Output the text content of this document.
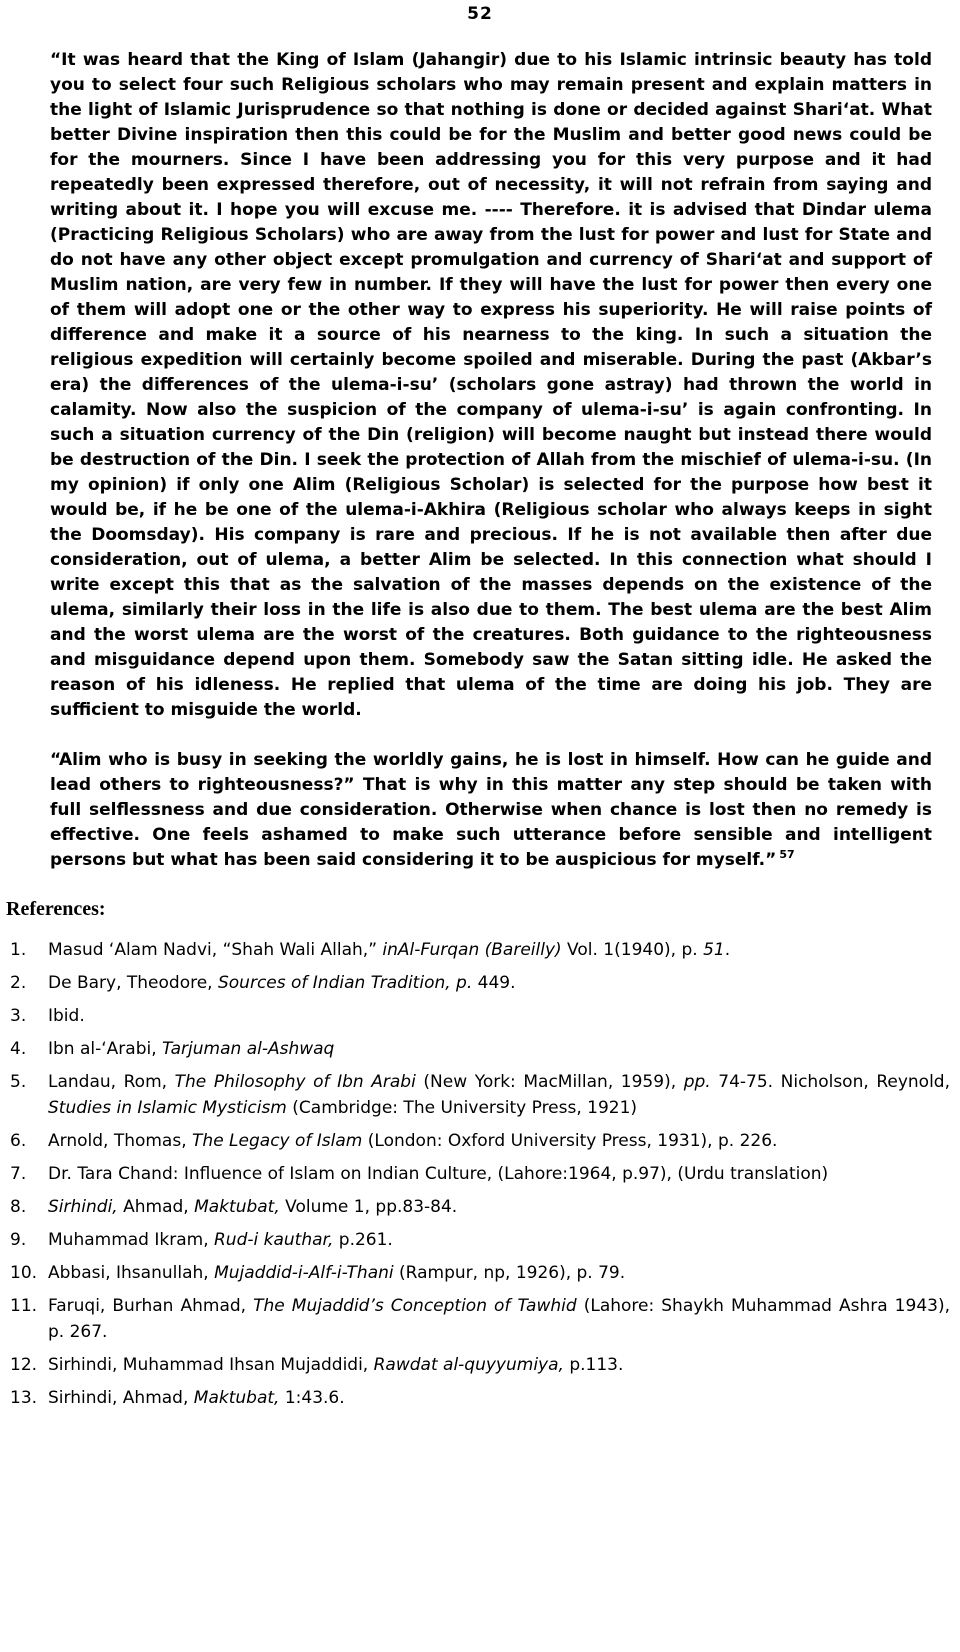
52

“It was heard that the King of Islam (Jahangir) due to his Islamic intrinsic beauty has told you to select four such Religious scholars who may remain present and explain matters in the light of Islamic Jurisprudence so that nothing is done or decided against Shari‘at. What better Divine inspiration then this could be for the Muslim and better good news could be for the mourners. Since I have been addressing you for this very purpose and it had repeatedly been expressed therefore, out of necessity, it will not refrain from saying and writing about it. I hope you will excuse me. ---- Therefore. it is advised that Dindar ulema (Practicing Religious Scholars) who are away from the lust for power and lust for State and do not have any other object except promulgation and currency of Shari‘at and support of Muslim nation, are very few in number. If they will have the lust for power then every one of them will adopt one or the other way to express his superiority. He will raise points of difference and make it a source of his nearness to the king. In such a situation the religious expedition will certainly become spoiled and miserable. During the past (Akbar’s era) the differences of the ulema-i-su’ (scholars gone astray) had thrown the world in calamity. Now also the suspicion of the company of ulema-i-su’ is again confronting. In such a situation currency of the Din (religion) will become naught but instead there would be destruction of the Din. I seek the protection of Allah from the mischief of ulema-i-su. (In my opinion) if only one Alim (Religious Scholar) is selected for the purpose how best it would be, if he be one of the ulema-i-Akhira (Religious scholar who always keeps in sight the Doomsday). His company is rare and precious. If he is not available then after due consideration, out of ulema, a better Alim be selected. In this connection what should I write except this that as the salvation of the masses depends on the existence of the ulema, similarly their loss in the life is also due to them. The best ulema are the best Alim and the worst ulema are the worst of the creatures. Both guidance to the righteousness and misguidance depend upon them. Somebody saw the Satan sitting idle. He asked the reason of his idleness. He replied that ulema of the time are doing his job. They are sufficient to misguide the world.

“Alim who is busy in seeking the worldly gains, he is lost in himself. How can he guide and lead others to righteousness?” That is why in this matter any step should be taken with full selflessness and due consideration. Otherwise when chance is lost then no remedy is effective. One feels ashamed to make such utterance before sensible and intelligent persons but what has been said considering it to be auspicious for myself.” $^{57}$

References:
1. Masud ‘Alam Nadvi, “Shah Wali Allah,” inAl-Furqan (Bareilly) Vol. 1(1940), p. 51.
2. De Bary, Theodore, Sources of Indian Tradition, p. 449.
3. Ibid.
4. Ibn al-‘Arabi, Tarjuman al-Ashwaq
5. Landau, Rom, The Philosophy of Ibn Arabi (New York: MacMillan, 1959), pp. 74-75. Nicholson, Reynold, Studies in Islamic Mysticism (Cambridge: The University Press, 1921)
6. Arnold, Thomas, The Legacy of Islam (London: Oxford University Press, 1931), p. 226.
7. Dr. Tara Chand: Influence of Islam on Indian Culture, (Lahore:1964, p.97), (Urdu translation)
8. Sirhindi, Ahmad, Maktubat, Volume 1, pp.83-84.
9. Muhammad Ikram, Rud-i kauthar, p.261.
10. Abbasi, Ihsanullah, Mujaddid-i-Alf-i-Thani (Rampur, np, 1926), p. 79.
11. Faruqi, Burhan Ahmad, The Mujaddid’s Conception of Tawhid (Lahore: Shaykh Muhammad Ashra 1943), p. 267.
12. Sirhindi, Muhammad Ihsan Mujaddidi, Rawdat al-quyyumiya, p.113.
13. Sirhindi, Ahmad, Maktubat, 1:43.6.
